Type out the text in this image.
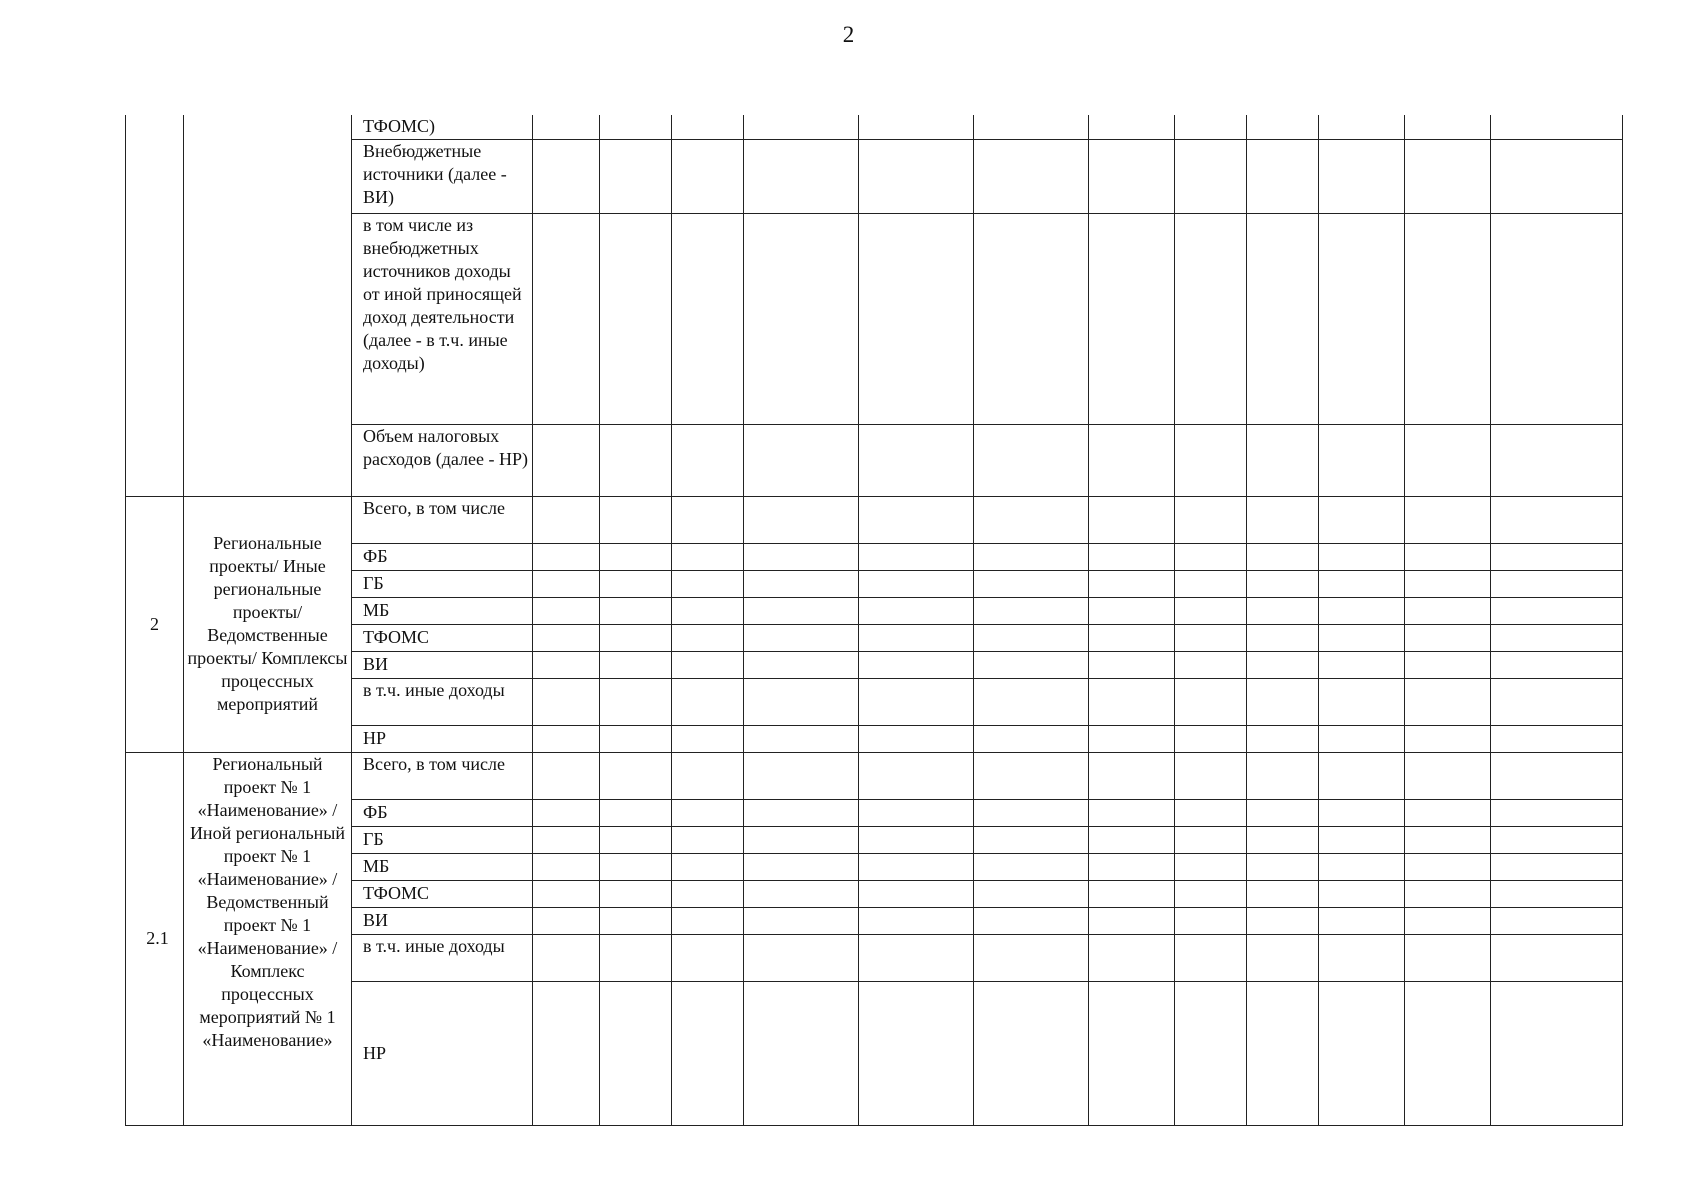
2
		ТФОМС)												
		Внебюджетные источники (далее - ВИ)												
		в том числе из внебюджетных источников доходы от иной приносящей доход деятельности (далее - в т.ч. иные доходы)												
		Объем налоговых расходов (далее - НР)												
2	Региональные проекты/ Иные региональные проекты/ Ведомственные проекты/ Комплексы процессных мероприятий	Всего, в том числе												
		ФБ												
		ГБ												
		МБ												
		ТФОМС												
		ВИ												
		в т.ч. иные доходы												
		НР												
2.1	Региональный проект № 1 «Наименование» / Иной региональный проект № 1 «Наименование» / Ведомственный проект № 1 «Наименование» / Комплекс процессных мероприятий № 1 «Наименование»	Всего, в том числе												
		ФБ												
		ГБ												
		МБ												
		ТФОМС												
		ВИ												
		в т.ч. иные доходы												
		НР												
